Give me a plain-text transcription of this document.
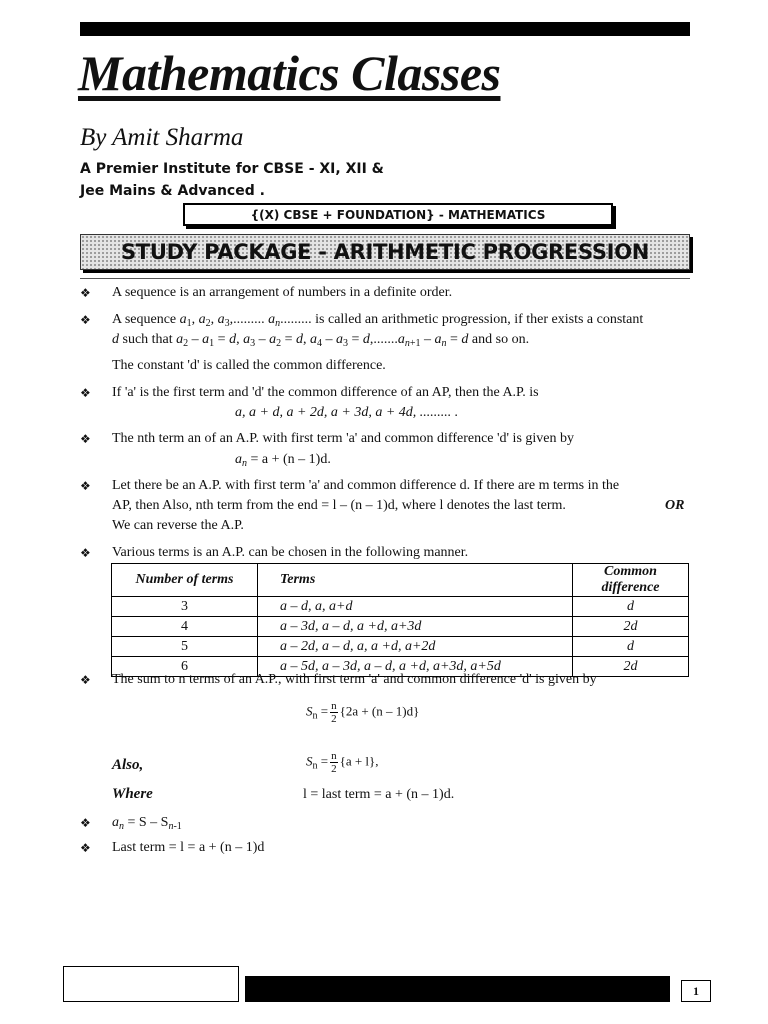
Mathematics Classes
By Amit Sharma
A Premier Institute for CBSE - XI, XII &
Jee Mains & Advanced .
{(X) CBSE + FOUNDATION} - MATHEMATICS
STUDY PACKAGE - ARITHMETIC PROGRESSION
❖ A sequence is an arrangement of numbers in a definite order.
❖ A sequence $a_1$, $a_2$, $a_3$,......... $a_n$......... is called an arithmetic progression, if ther exists a constant
d such that $a_2 - a_1 = d$, $a_3 - a_2 = d$, $a_4 - a_3 = d,.......a_{n+1} - a_n = d$ and so on.
The constant 'd' is called the common difference.
❖ If 'a' is the first term and 'd' the common difference of an AP, then the A.P. is
a, a + d, a + 2d, a + 3d, a + 4d, ......... .
❖ The nth term an of an A.P. with first term 'a' and common difference 'd' is given by
$a_n = a + (n - 1)d$.
❖ Let there be an A.P. with first term 'a' and common difference d. If there are m terms in the
AP, then Also, nth term from the end = l – (n – 1)d, where l denotes the last term.	OR
We can reverse the A.P.
❖ Various terms is an A.P. can be chosen in the following manner.
Number of terms	Terms	Common difference
3	a – d, a, a+d	d
4	a – 3d, a – d, a +d, a+3d	2d
5	a – 2d, a – d, a, a +d, a+2d	d
6	a – 5d, a – 3d, a – d, a +d, a+3d, a+5d	2d
❖ The sum to n terms of an A.P., with first term 'a' and common difference 'd' is given by
$S_n = \frac{n}{2} \{2a + (n - 1)d\}$
Also,	$S_n = \frac{n}{2} \{a + l\}$,
Where	l = last term = a + (n – 1)d.
❖ $a_n = S - S_{n-1}$
❖ Last term = l = a + (n – 1)d
1
